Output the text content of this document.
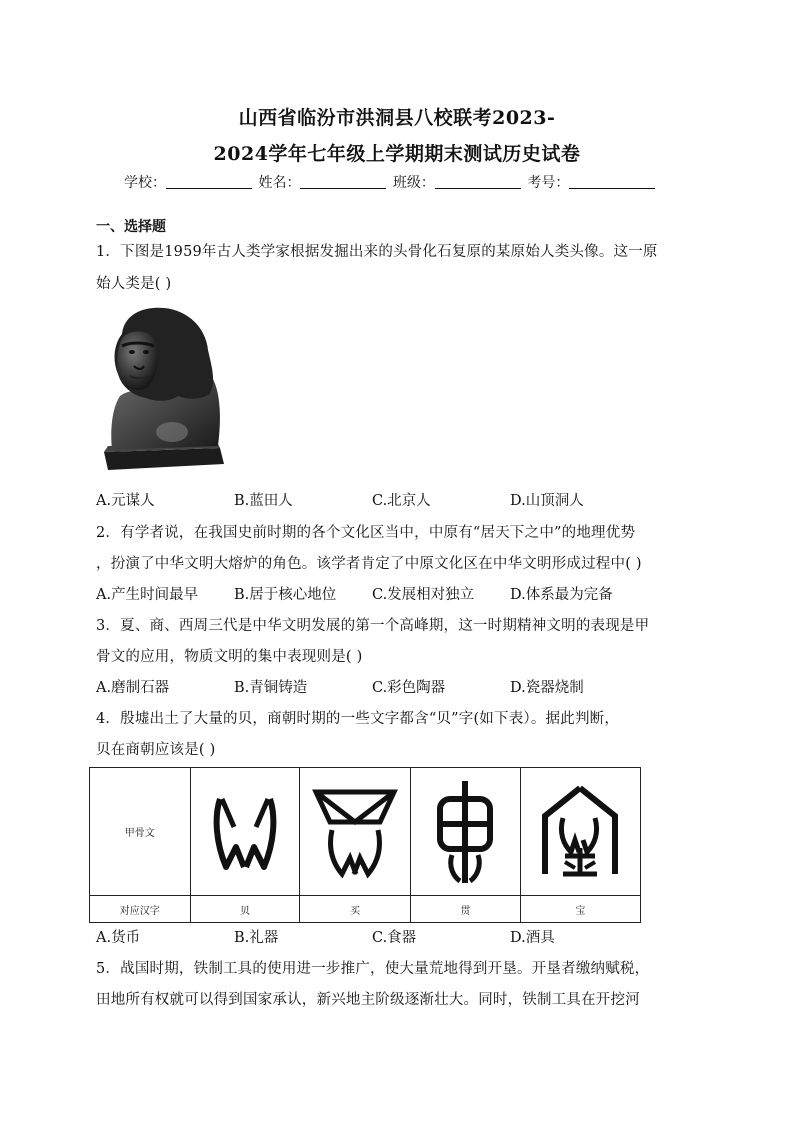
山西省临汾市洪洞县八校联考2023-
2024学年七年级上学期期末测试历史试卷
学校：	姓名：	班级：	考号：
一、选择题
1．下图是1959年古人类学家根据发掘出来的头骨化石复原的某原始人类头像。这一原
始人类是( )
A.元谋人	B.蓝田人	C.北京人	D.山顶洞人
2．有学者说，在我国史前时期的各个文化区当中，中原有“居天下之中”的地理优势
，扮演了中华文明大熔炉的角色。该学者肯定了中原文化区在中华文明形成过程中( )
A.产生时间最早 B.居于核心地位 C.发展相对独立 D.体系最为完备
3．夏、商、西周三代是中华文明发展的第一个高峰期，这一时期精神文明的表现是甲
骨文的应用，物质文明的集中表现则是( )
A.磨制石器	B.青铜铸造	C.彩色陶器	D.瓷器烧制
4．殷墟出土了大量的贝，商朝时期的一些文字都含“贝”字(如下表）。据此判断，
贝在商朝应该是( )
甲骨文	

对应汉字	贝	买	贯	宝
A.货币	B.礼器	C.食器	D.酒具
5．战国时期，铁制工具的使用进一步推广，使大量荒地得到开垦。开垦者缴纳赋税，
田地所有权就可以得到国家承认，新兴地主阶级逐渐壮大。同时，铁制工具在开挖河
